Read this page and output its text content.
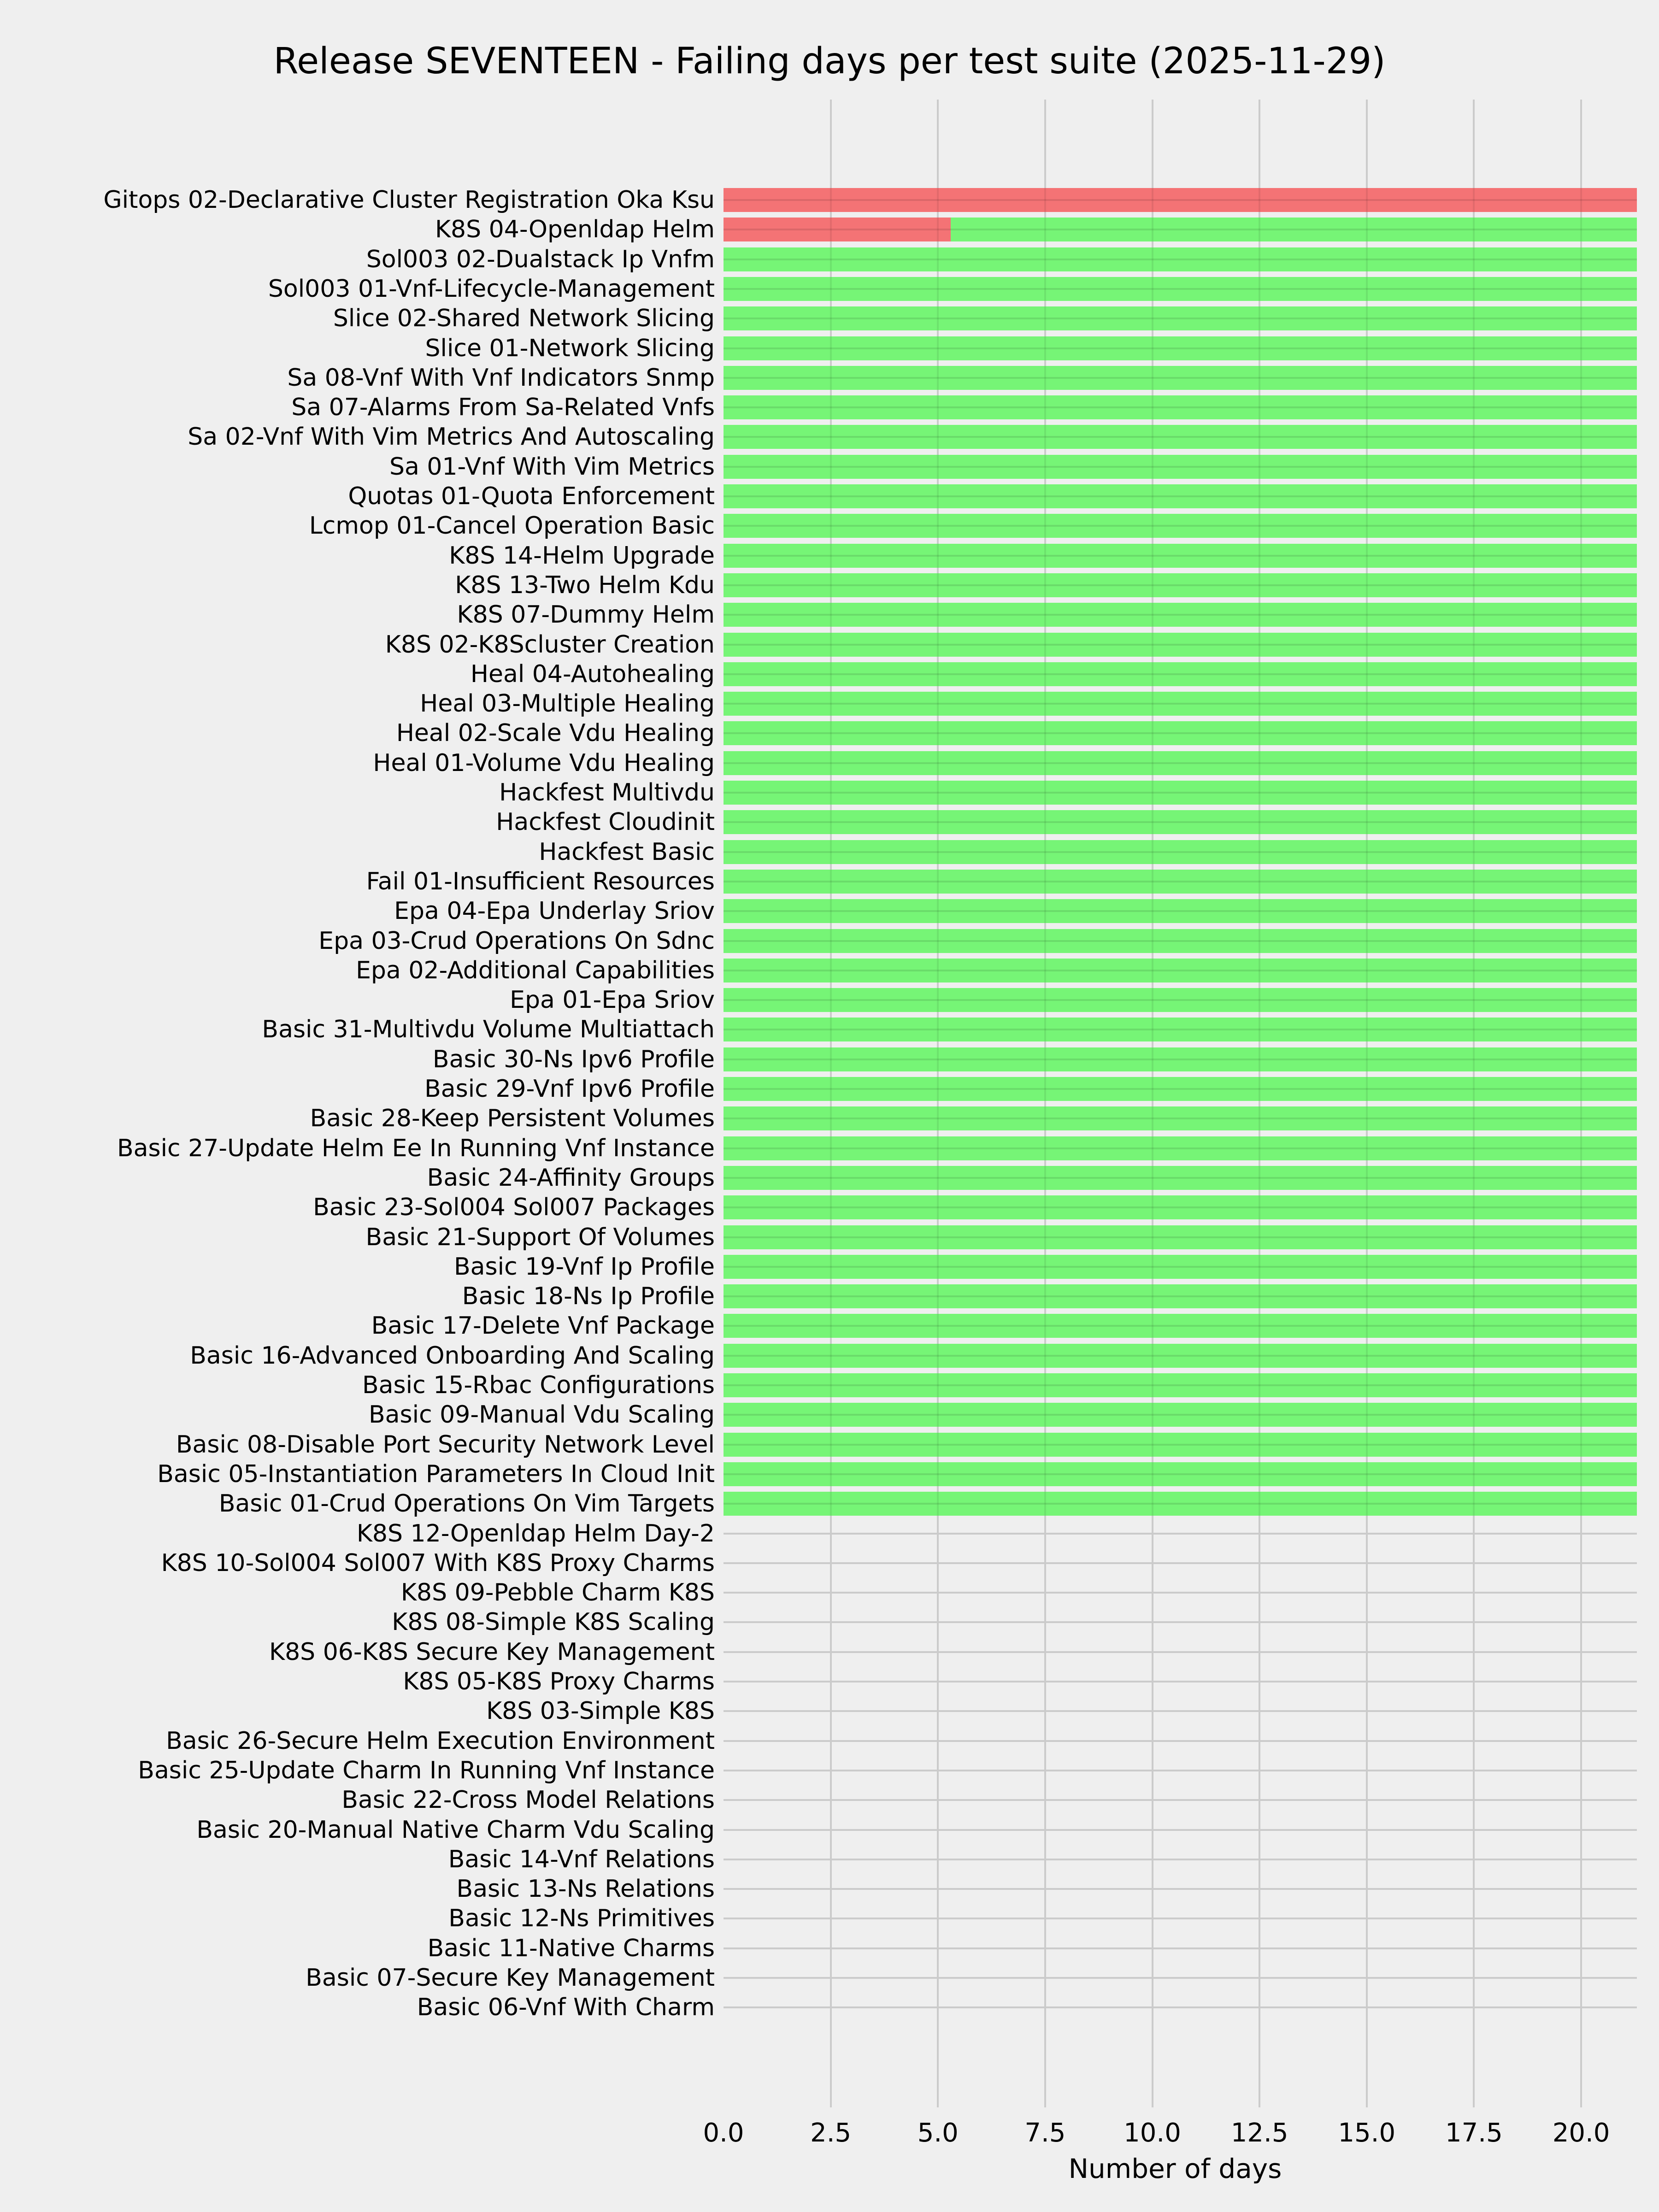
Release SEVENTEEN - Failing days per test suite (2025-11-29)
Gitops 02-Declarative Cluster Registration Oka Ksu
K8S 04-Openldap Helm
Sol003 02-Dualstack Ip Vnfm
Sol003 01-Vnf-Lifecycle-Management
Slice 02-Shared Network Slicing
Slice 01-Network Slicing
Sa 08-Vnf With Vnf Indicators Snmp
Sa 07-Alarms From Sa-Related Vnfs
Sa 02-Vnf With Vim Metrics And Autoscaling
Sa 01-Vnf With Vim Metrics
Quotas 01-Quota Enforcement
Lcmop 01-Cancel Operation Basic
K8S 14-Helm Upgrade
K8S 13-Two Helm Kdu
K8S 07-Dummy Helm
K8S 02-K8Scluster Creation
Heal 04-Autohealing
Heal 03-Multiple Healing
Heal 02-Scale Vdu Healing
Heal 01-Volume Vdu Healing
Hackfest Multivdu
Hackfest Cloudinit
Hackfest Basic
Fail 01-Insufficient Resources
Epa 04-Epa Underlay Sriov
Epa 03-Crud Operations On Sdnc
Epa 02-Additional Capabilities
Epa 01-Epa Sriov
Basic 31-Multivdu Volume Multiattach
Basic 30-Ns Ipv6 Profile
Basic 29-Vnf Ipv6 Profile
Basic 28-Keep Persistent Volumes
Basic 27-Update Helm Ee In Running Vnf Instance
Basic 24-Affinity Groups
Basic 23-Sol004 Sol007 Packages
Basic 21-Support Of Volumes
Basic 19-Vnf Ip Profile
Basic 18-Ns Ip Profile
Basic 17-Delete Vnf Package
Basic 16-Advanced Onboarding And Scaling
Basic 15-Rbac Configurations
Basic 09-Manual Vdu Scaling
Basic 08-Disable Port Security Network Level
Basic 05-Instantiation Parameters In Cloud Init
Basic 01-Crud Operations On Vim Targets
K8S 12-Openldap Helm Day-2
K8S 10-Sol004 Sol007 With K8S Proxy Charms
K8S 09-Pebble Charm K8S
K8S 08-Simple K8S Scaling
K8S 06-K8S Secure Key Management
K8S 05-K8S Proxy Charms
K8S 03-Simple K8S
Basic 26-Secure Helm Execution Environment
Basic 25-Update Charm In Running Vnf Instance
Basic 22-Cross Model Relations
Basic 20-Manual Native Charm Vdu Scaling
Basic 14-Vnf Relations
Basic 13-Ns Relations
Basic 12-Ns Primitives
Basic 11-Native Charms
Basic 07-Secure Key Management
Basic 06-Vnf With Charm
0.0	2.5	5.0	7.5 10.0 12.5 15.0 17.5 20.0
Number of days
